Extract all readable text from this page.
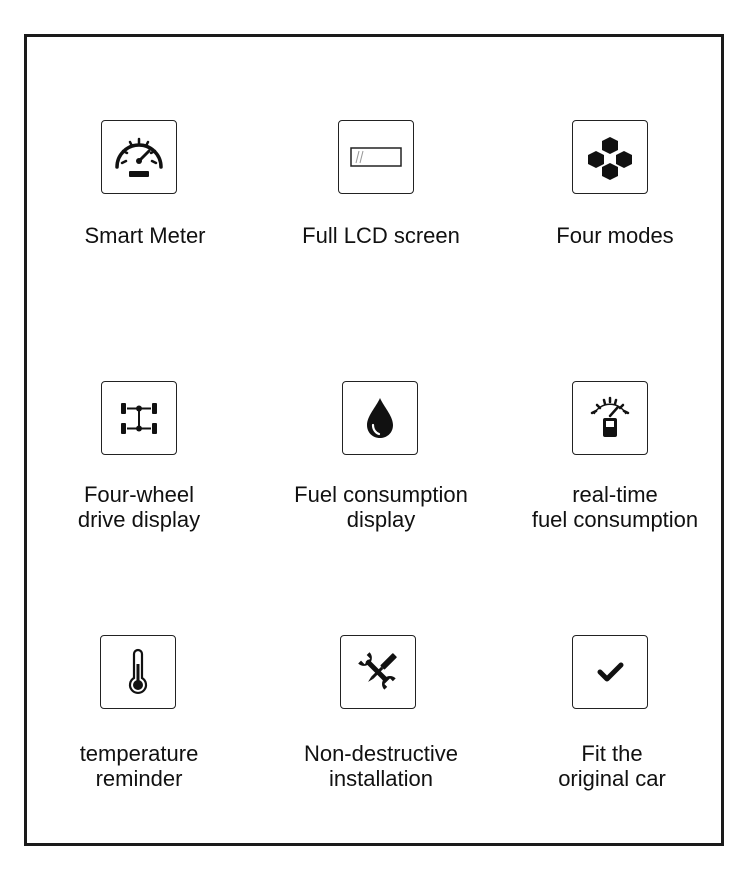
Smart Meter	Full LCD screen	Four modes
Four-wheel
drive display
Fuel consumption
display
real-time
fuel consumption
temperature
reminder
Non-destructive
installation
Fit the
original car
